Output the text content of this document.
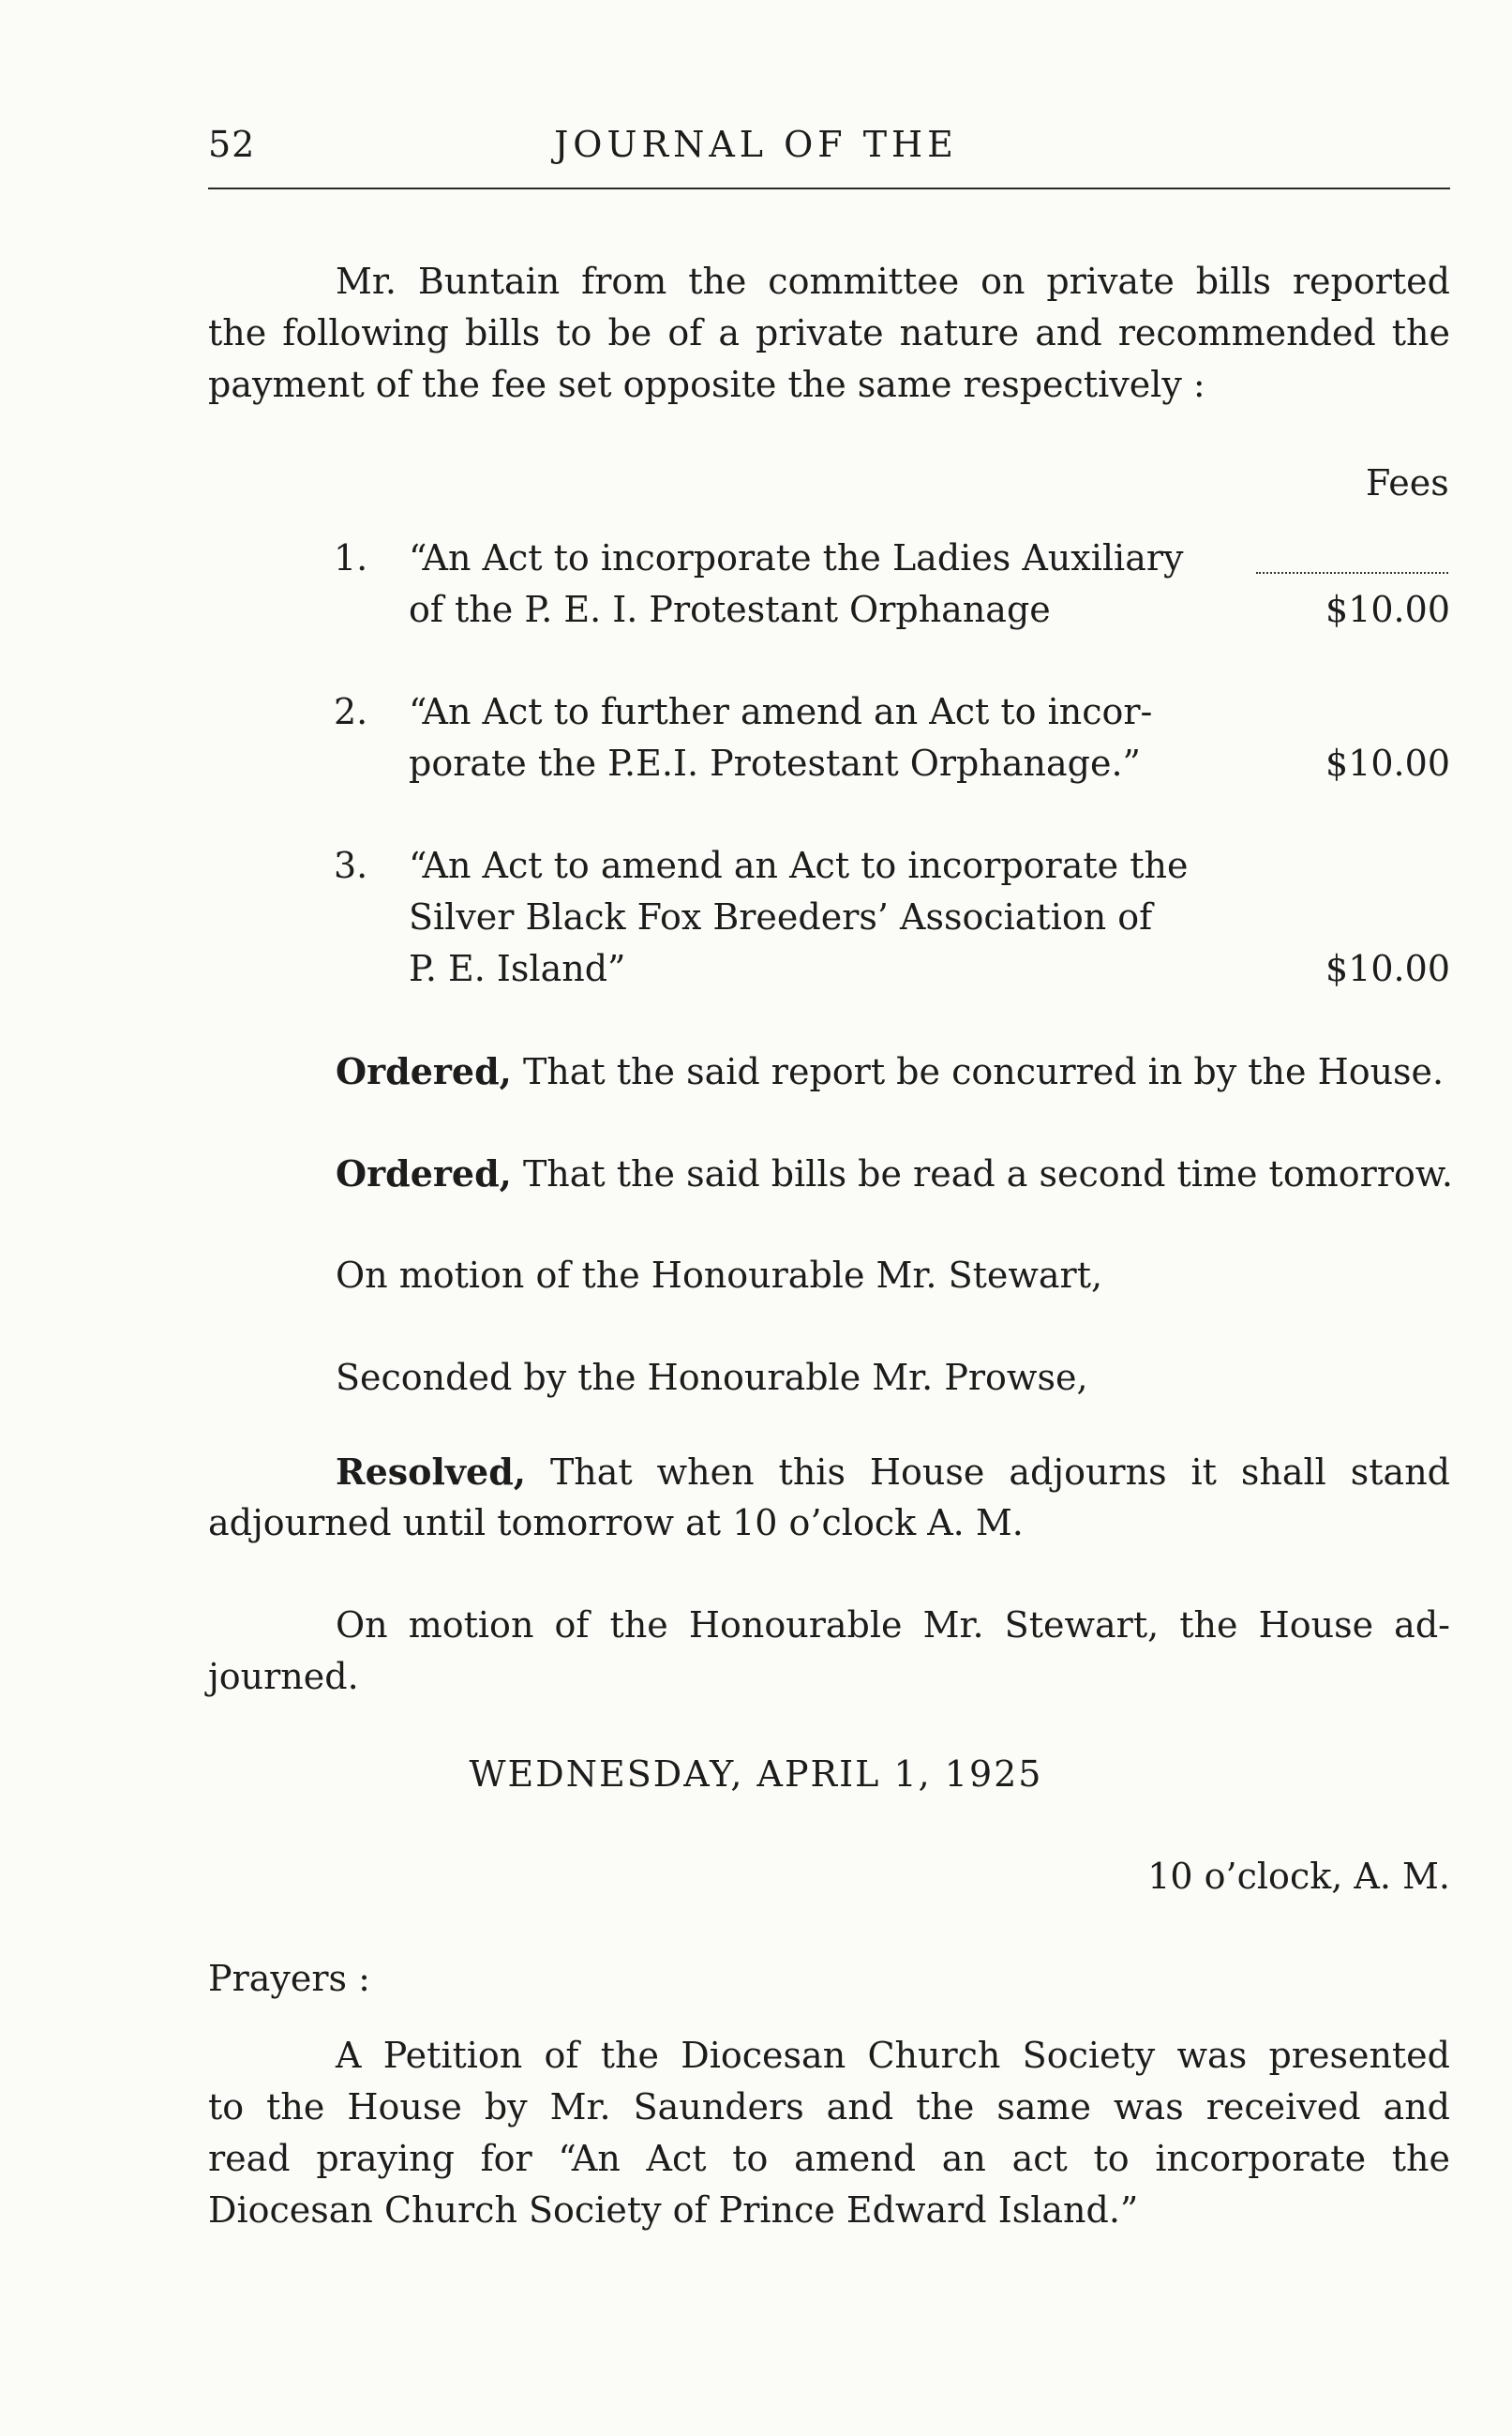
52	JOURNAL OF THE
Mr. Buntain from the committee on private bills reported
the following bills to be of a private nature and recommended the
payment of the fee set opposite the same respectively :
Fees
1. “An Act to incorporate the Ladies Auxiliary
of the P. E. I. Protestant Orphanage	$10.00
2. “An Act to further amend an Act to incor-
porate the P.E.I. Protestant Orphanage.”	$10.00
3. “An Act to amend an Act to incorporate the
Silver Black Fox Breeders’ Association of
P. E. Island”	$10.00
Ordered, That the said report be concurred in by the House.
Ordered, That the said bills be read a second time tomorrow.
On motion of the Honourable Mr. Stewart,
Seconded by the Honourable Mr. Prowse,
Resolved, That when this House adjourns it shall stand
adjourned until tomorrow at 10 o’clock A. M.
On motion of the Honourable Mr. Stewart, the House ad-
journed.
WEDNESDAY, APRIL 1, 1925
10 o’clock, A. M.
Prayers :
A Petition of the Diocesan Church Society was presented
to the House by Mr. Saunders and the same was received and
read praying for “An Act to amend an act to incorporate the
Diocesan Church Society of Prince Edward Island.”
